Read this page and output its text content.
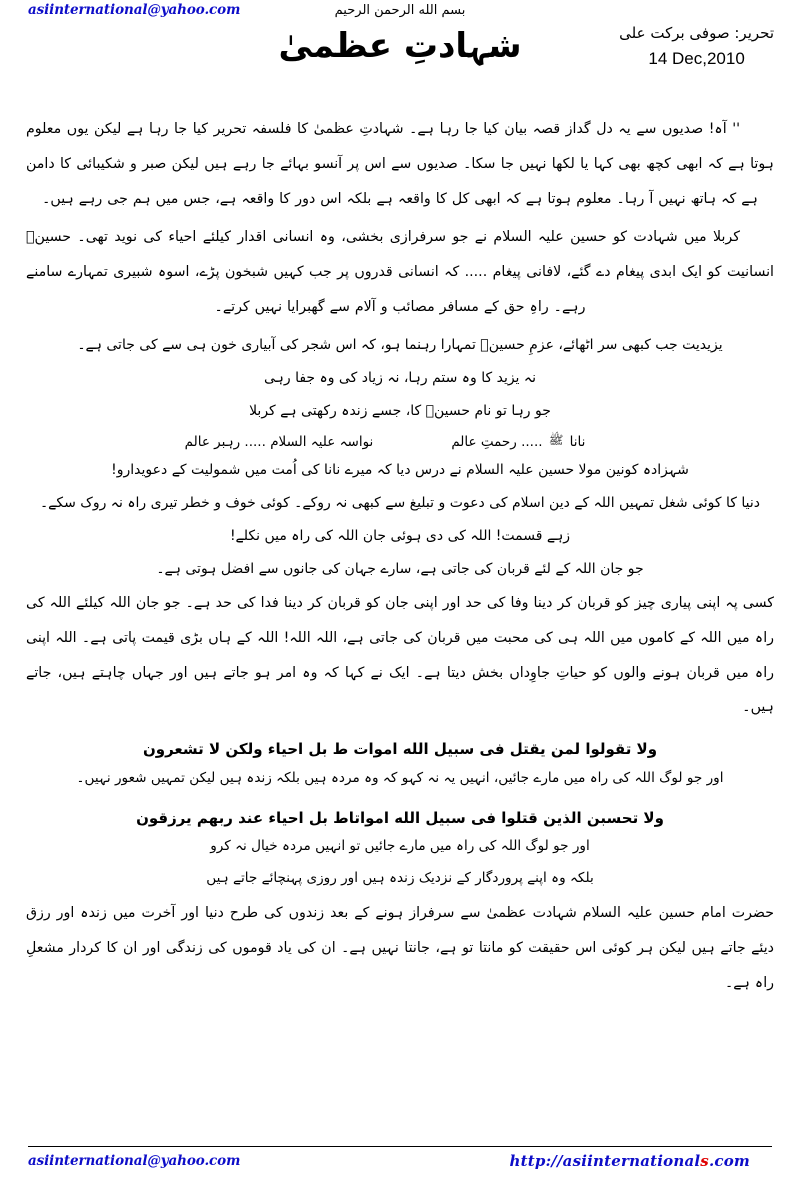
asiinternational@yahoo.com	بسم الله الرحمن الرحيم
شہادتِ عظمیٰ	تحریر: صوفی برکت علی
14 Dec,2010

'' آہ! صدیوں سے یہ دل گداز قصہ بیان کیا جا رہا ہے۔ شہادتِ عظمیٰ کا فلسفہ تحریر کیا جا رہا ہے لیکن یوں معلوم ہوتا ہے کہ ابھی کچھ بھی کہا یا لکھا نہیں جا سکا۔ صدیوں سے اس پر آنسو بہائے جا رہے ہیں لیکن صبر و شکیبائی کا دامن ہے کہ ہاتھ نہیں آ رہا۔ معلوم ہوتا ہے کہ ابھی کل کا واقعہ ہے بلکہ اس دور کا واقعہ ہے، جس میں ہم جی رہے ہیں۔

کربلا میں شہادت کو حسین علیہ السلام نے جو سرفرازی بخشی، وہ انسانی اقدار کیلئے احیاء کی نوید تھی۔ حسینؑ انسانیت کو ایک ابدی پیغام دے گئے، لافانی پیغام ..... کہ انسانی قدروں پر جب کہیں شبخون پڑے، اسوہ شبیری تمہارے سامنے رہے۔ راہِ حق کے مسافر مصائب و آلام سے گھبرایا نہیں کرتے۔

یزیدیت جب کبھی سر اٹھائے، عزمِ حسینؑ تمہارا رہنما ہو، کہ اس شجر کی آبیاری خون ہی سے کی جاتی ہے۔

نہ یزید کا وہ ستم رہا، نہ زیاد کی وہ جفا رہی

جو رہا تو نام حسینؑ کا، جسے زندہ رکھتی ہے کربلا

نانا ﷺ ..... رحمتِ عالم
نواسہ علیہ السلام ..... رہبر عالم

شہزادہ کونین مولا حسین علیہ السلام نے درس دیا کہ میرے نانا کی اُمت میں شمولیت کے دعویدارو!

دنیا کا کوئی شغل تمہیں اللہ کے دین اسلام کی دعوت و تبلیغ سے کبھی نہ روکے۔ کوئی خوف و خطر تیری راہ نہ روک سکے۔

زہے قسمت! اللہ کی دی ہوئی جان اللہ کی راہ میں نکلے!

جو جان اللہ کے لئے قربان کی جاتی ہے، سارے جہان کی جانوں سے افضل ہوتی ہے۔

کسی پہ اپنی پیاری چیز کو قربان کر دینا وفا کی حد اور اپنی جان کو قربان کر دینا فدا کی حد ہے۔ جو جان اللہ کیلئے اللہ کی راہ میں اللہ کے کاموں میں اللہ ہی کی محبت میں قربان کی جاتی ہے، اللہ اللہ! اللہ کے ہاں بڑی قیمت پاتی ہے۔ اللہ اپنی راہ میں قربان ہونے والوں کو حیاتِ جاوِداں بخش دیتا ہے۔ ایک نے کہا کہ وہ امر ہو جاتے ہیں اور جہاں چاہتے ہیں، جاتے ہیں۔

ولا تقولوا لمن يقتل فى سبيل الله اموات ط بل احياء ولكن لا تشعرون

اور جو لوگ اللہ کی راہ میں مارے جائیں، انہیں یہ نہ کہو کہ وہ مردہ ہیں بلکہ زندہ ہیں لیکن تمہیں شعور نہیں۔

ولا تحسبن الذين قتلوا فى سبيل الله امواتاط بل احياء عند ربهم يرزقون

اور جو لوگ اللہ کی راہ میں مارے جائیں تو انہیں مردہ خیال نہ کرو

بلکہ وہ اپنے پروردگار کے نزدیک زندہ ہیں اور روزی پہنچائے جاتے ہیں

حضرت امام حسین علیہ السلام شہادت عظمیٰ سے سرفراز ہونے کے بعد زندوں کی طرح دنیا اور آخرت میں زندہ اور رزق دیئے جاتے ہیں لیکن ہر کوئی اس حقیقت کو مانتا تو ہے، جانتا نہیں ہے۔ ان کی یاد قوموں کی زندگی اور ان کا کردار مشعلِ راہ ہے۔

asiinternational@yahoo.com	http://asiinternationals.com
